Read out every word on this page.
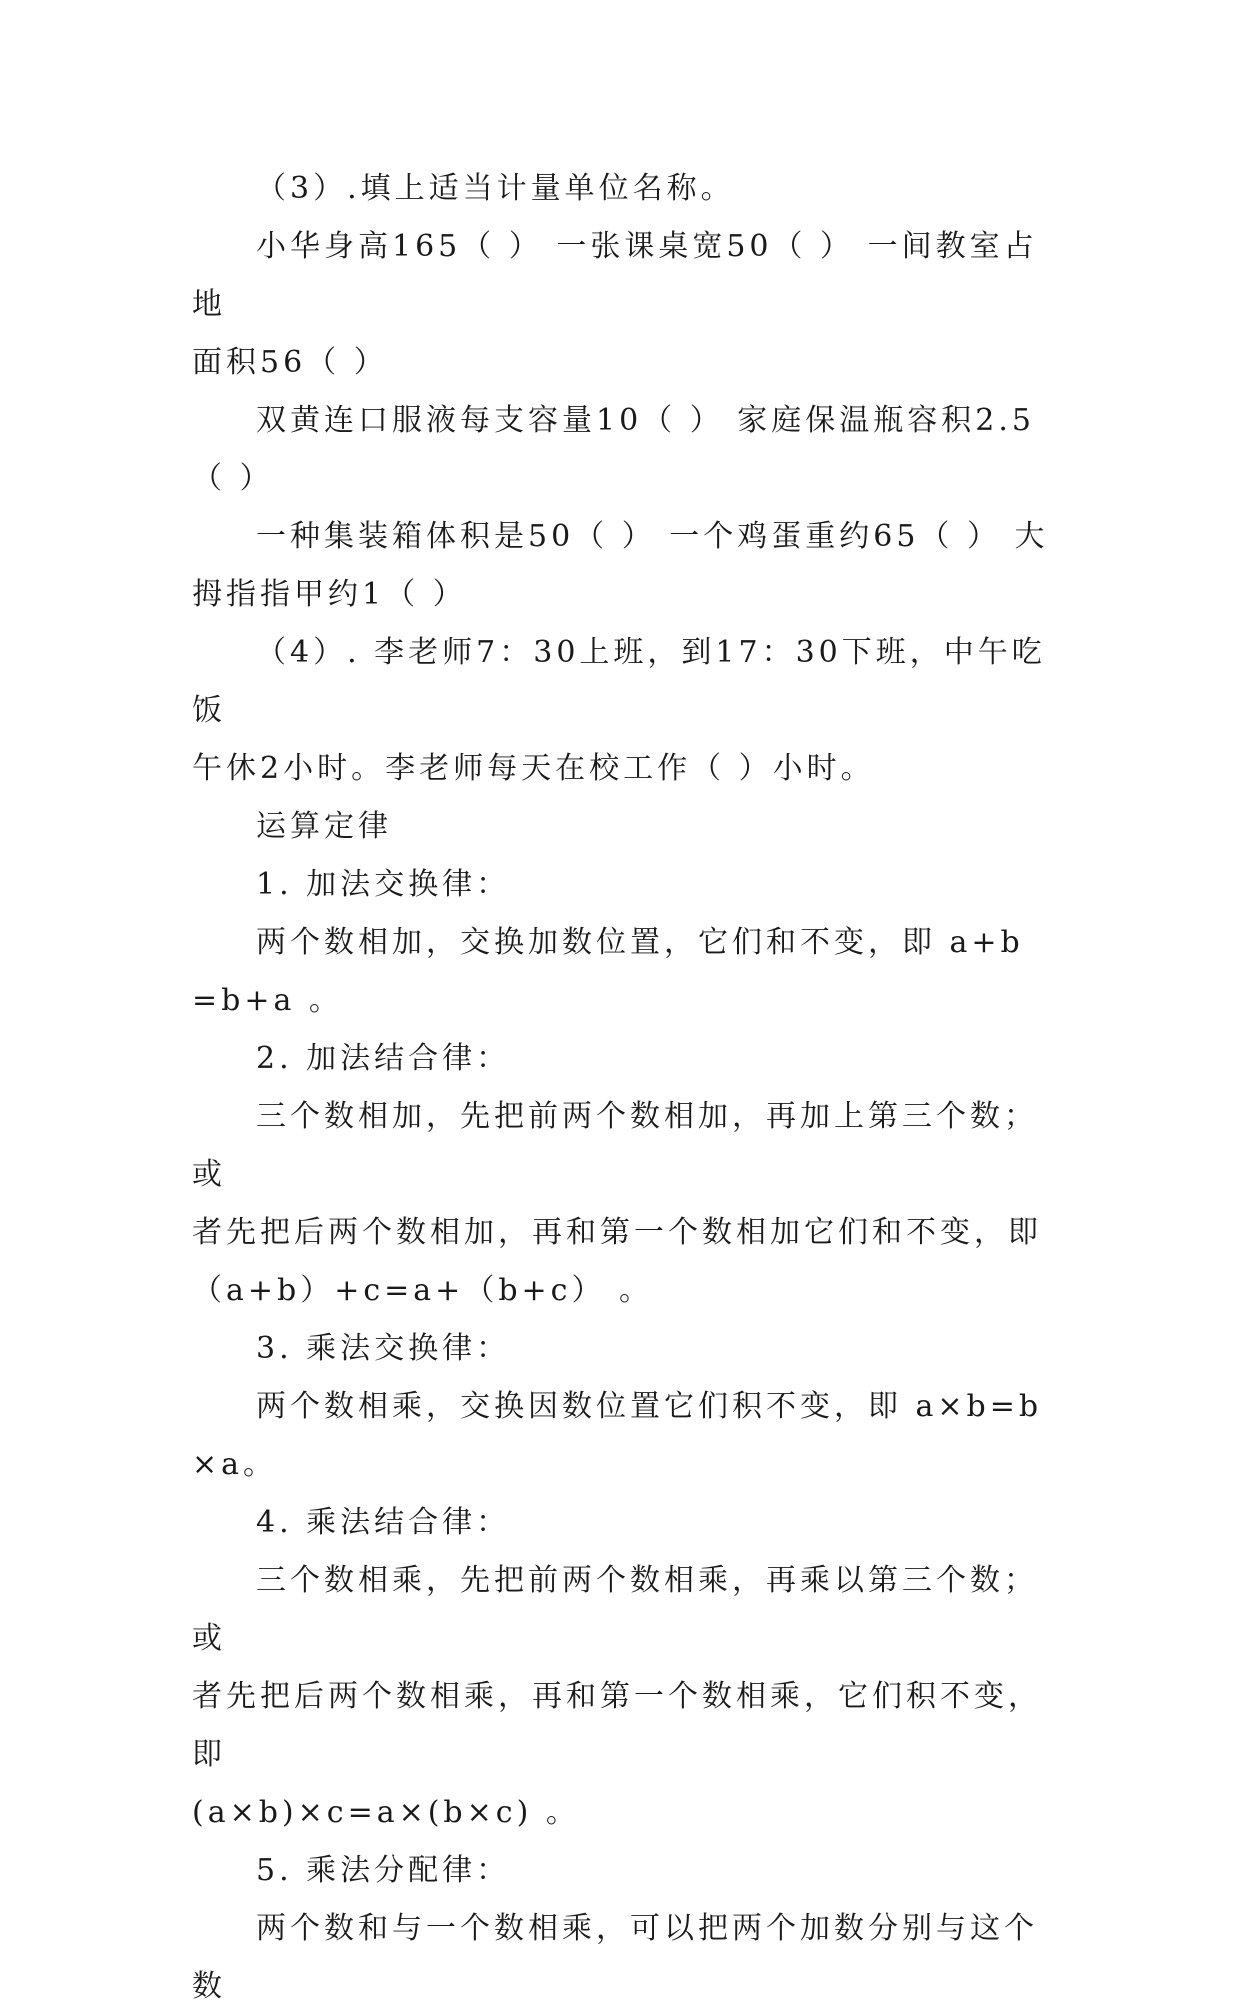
（3）.填上适当计量单位名称。

小华身高165（ ） 一张课桌宽50（ ） 一间教室占地

面积56（ ）

双黄连口服液每支容量10（ ） 家庭保温瓶容积2.5

（ ）

一种集装箱体积是50（ ） 一个鸡蛋重约65（ ） 大

拇指指甲约1（ ）

（4）. 李老师7：30上班，到17：30下班，中午吃饭

午休2小时。李老师每天在校工作（ ）小时。

运算定律

1. 加法交换律：

两个数相加，交换加数位置，它们和不变，即 a+b=b+a 。

2. 加法结合律：

三个数相加，先把前两个数相加，再加上第三个数；或

者先把后两个数相加，再和第一个数相加它们和不变，即

（a+b）+c=a+（b+c） 。

3. 乘法交换律：

两个数相乘，交换因数位置它们积不变，即 a×b=b×a。

4. 乘法结合律：

三个数相乘，先把前两个数相乘，再乘以第三个数；或

者先把后两个数相乘，再和第一个数相乘，它们积不变，即

(a×b)×c=a×(b×c) 。

5. 乘法分配律：

两个数和与一个数相乘，可以把两个加数分别与这个数
